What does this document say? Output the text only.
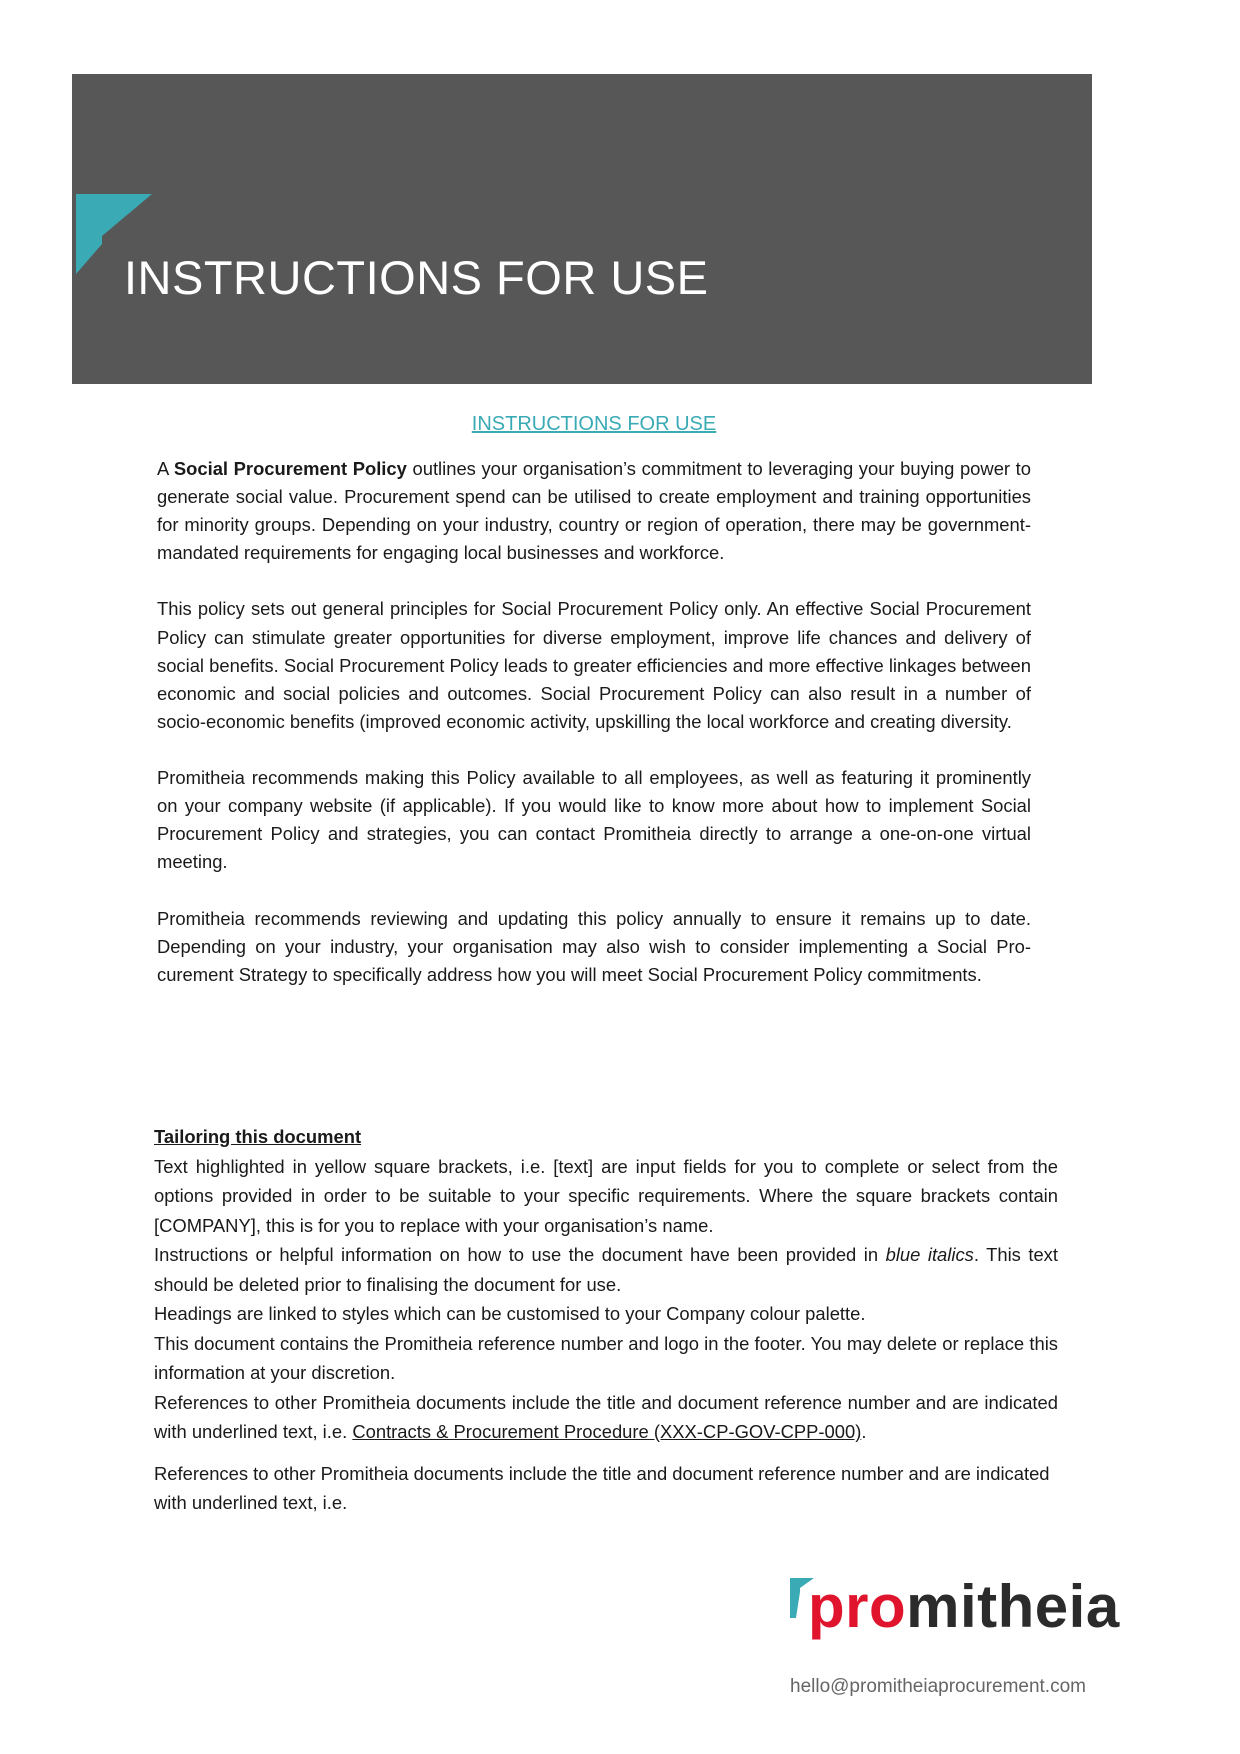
INSTRUCTIONS FOR USE
INSTRUCTIONS FOR USE

A Social Procurement Policy outlines your organisation’s commitment to leveraging your buying power to generate social value. Procurement spend can be utilised to create employment and training opportunities for minority groups. Depending on your industry, country or region of operation, there may be government-mandated requirements for engaging local businesses and workforce.

This policy sets out general principles for Social Procurement Policy only. An effective Social Procurement Policy can stimulate greater opportunities for diverse employment, improve life chances and delivery of social benefits. Social Procurement Policy leads to greater efficiencies and more effective linkages between economic and social policies and outcomes. Social Procurement Policy can also result in a number of socio-economic benefits (improved economic activity, upskilling the local workforce and creating diversity.

Promitheia recommends making this Policy available to all employees, as well as featuring it prominently on your company website (if applicable). If you would like to know more about how to implement Social Procurement Policy and strategies, you can contact Promitheia directly to arrange a one-on-one virtual meeting.

Promitheia recommends reviewing and updating this policy annually to ensure it remains up to date. Depending on your industry, your organisation may also wish to consider implementing a Social Procurement Strategy to specifically address how you will meet Social Procurement Policy commitments.

Tailoring this document

Text highlighted in yellow square brackets, i.e. [text] are input fields for you to complete or select from the options provided in order to be suitable to your specific requirements. Where the square brackets contain [COMPANY], this is for you to replace with your organisation’s name.

Instructions or helpful information on how to use the document have been provided in blue italics. This text should be deleted prior to finalising the document for use.

Headings are linked to styles which can be customised to your Company colour palette.

This document contains the Promitheia reference number and logo in the footer. You may delete or replace this information at your discretion.

References to other Promitheia documents include the title and document reference number and are indicated with underlined text, i.e. Contracts & Procurement Procedure (XXX-CP-GOV-CPP-000).

References to other Promitheia documents include the title and document reference number and are indicated with underlined text, i.e.

promitheia
hello@promitheiaprocurement.com
